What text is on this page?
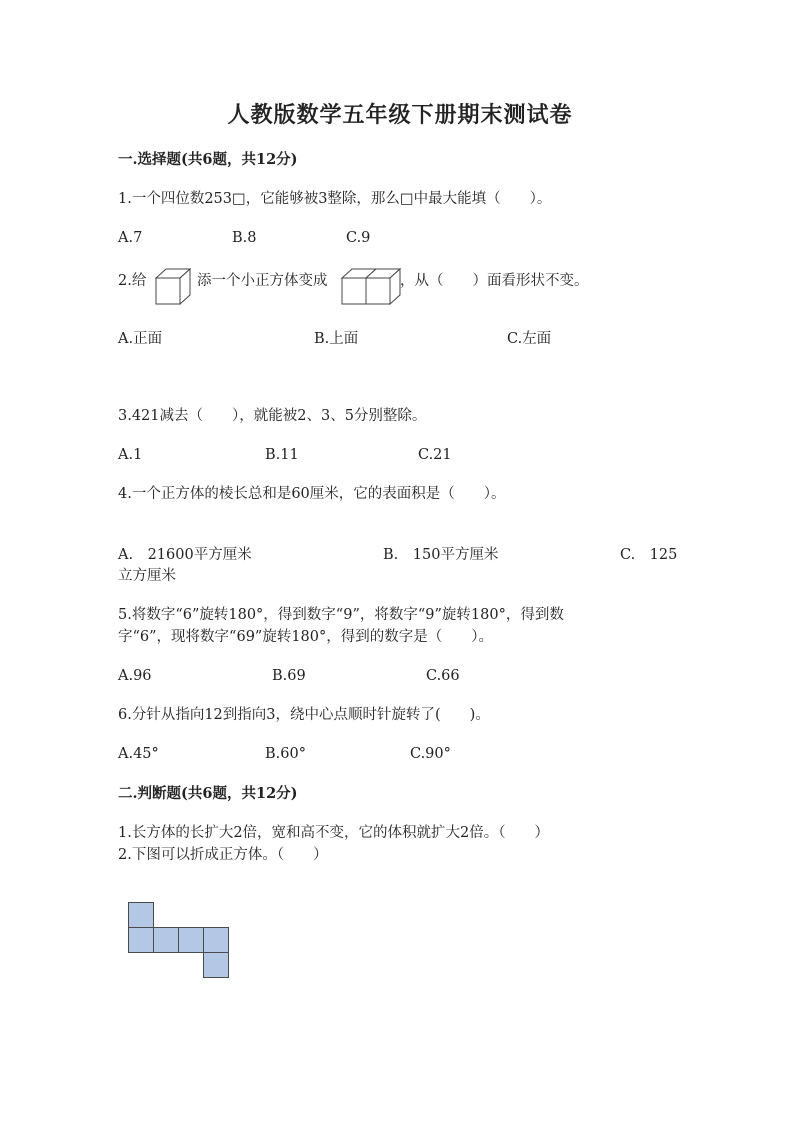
人教版数学五年级下册期末测试卷
一.选择题(共6题，共12分)
1.一个四位数253□，它能够被3整除，那么□中最大能填（　　）。
A.7	B.8	C.9
2.给	添一个小正方体变成	，从（　　）面看形状不变。
A.正面	B.上面	C.左面
3.421减去（　　），就能被2、3、5分别整除。
A.1	B.11	C.21
4.一个正方体的棱长总和是60厘米，它的表面积是（　　）。
A.　21600平方厘米	B.　150平方厘米	C.　125
立方厘米
5.将数字“6”旋转180°，得到数字“9”，将数字“9”旋转180°，得到数
字“6”，现将数字“69”旋转180°，得到的数字是（　　）。
A.96	B.69	C.66
6.分针从指向12到指向3，绕中心点顺时针旋转了(　　)。
A.45°	B.60°	C.90°
二.判断题(共6题，共12分)
1.长方体的长扩大2倍，宽和高不变，它的体积就扩大2倍。（　　）
2.下图可以折成正方体。（　　）
